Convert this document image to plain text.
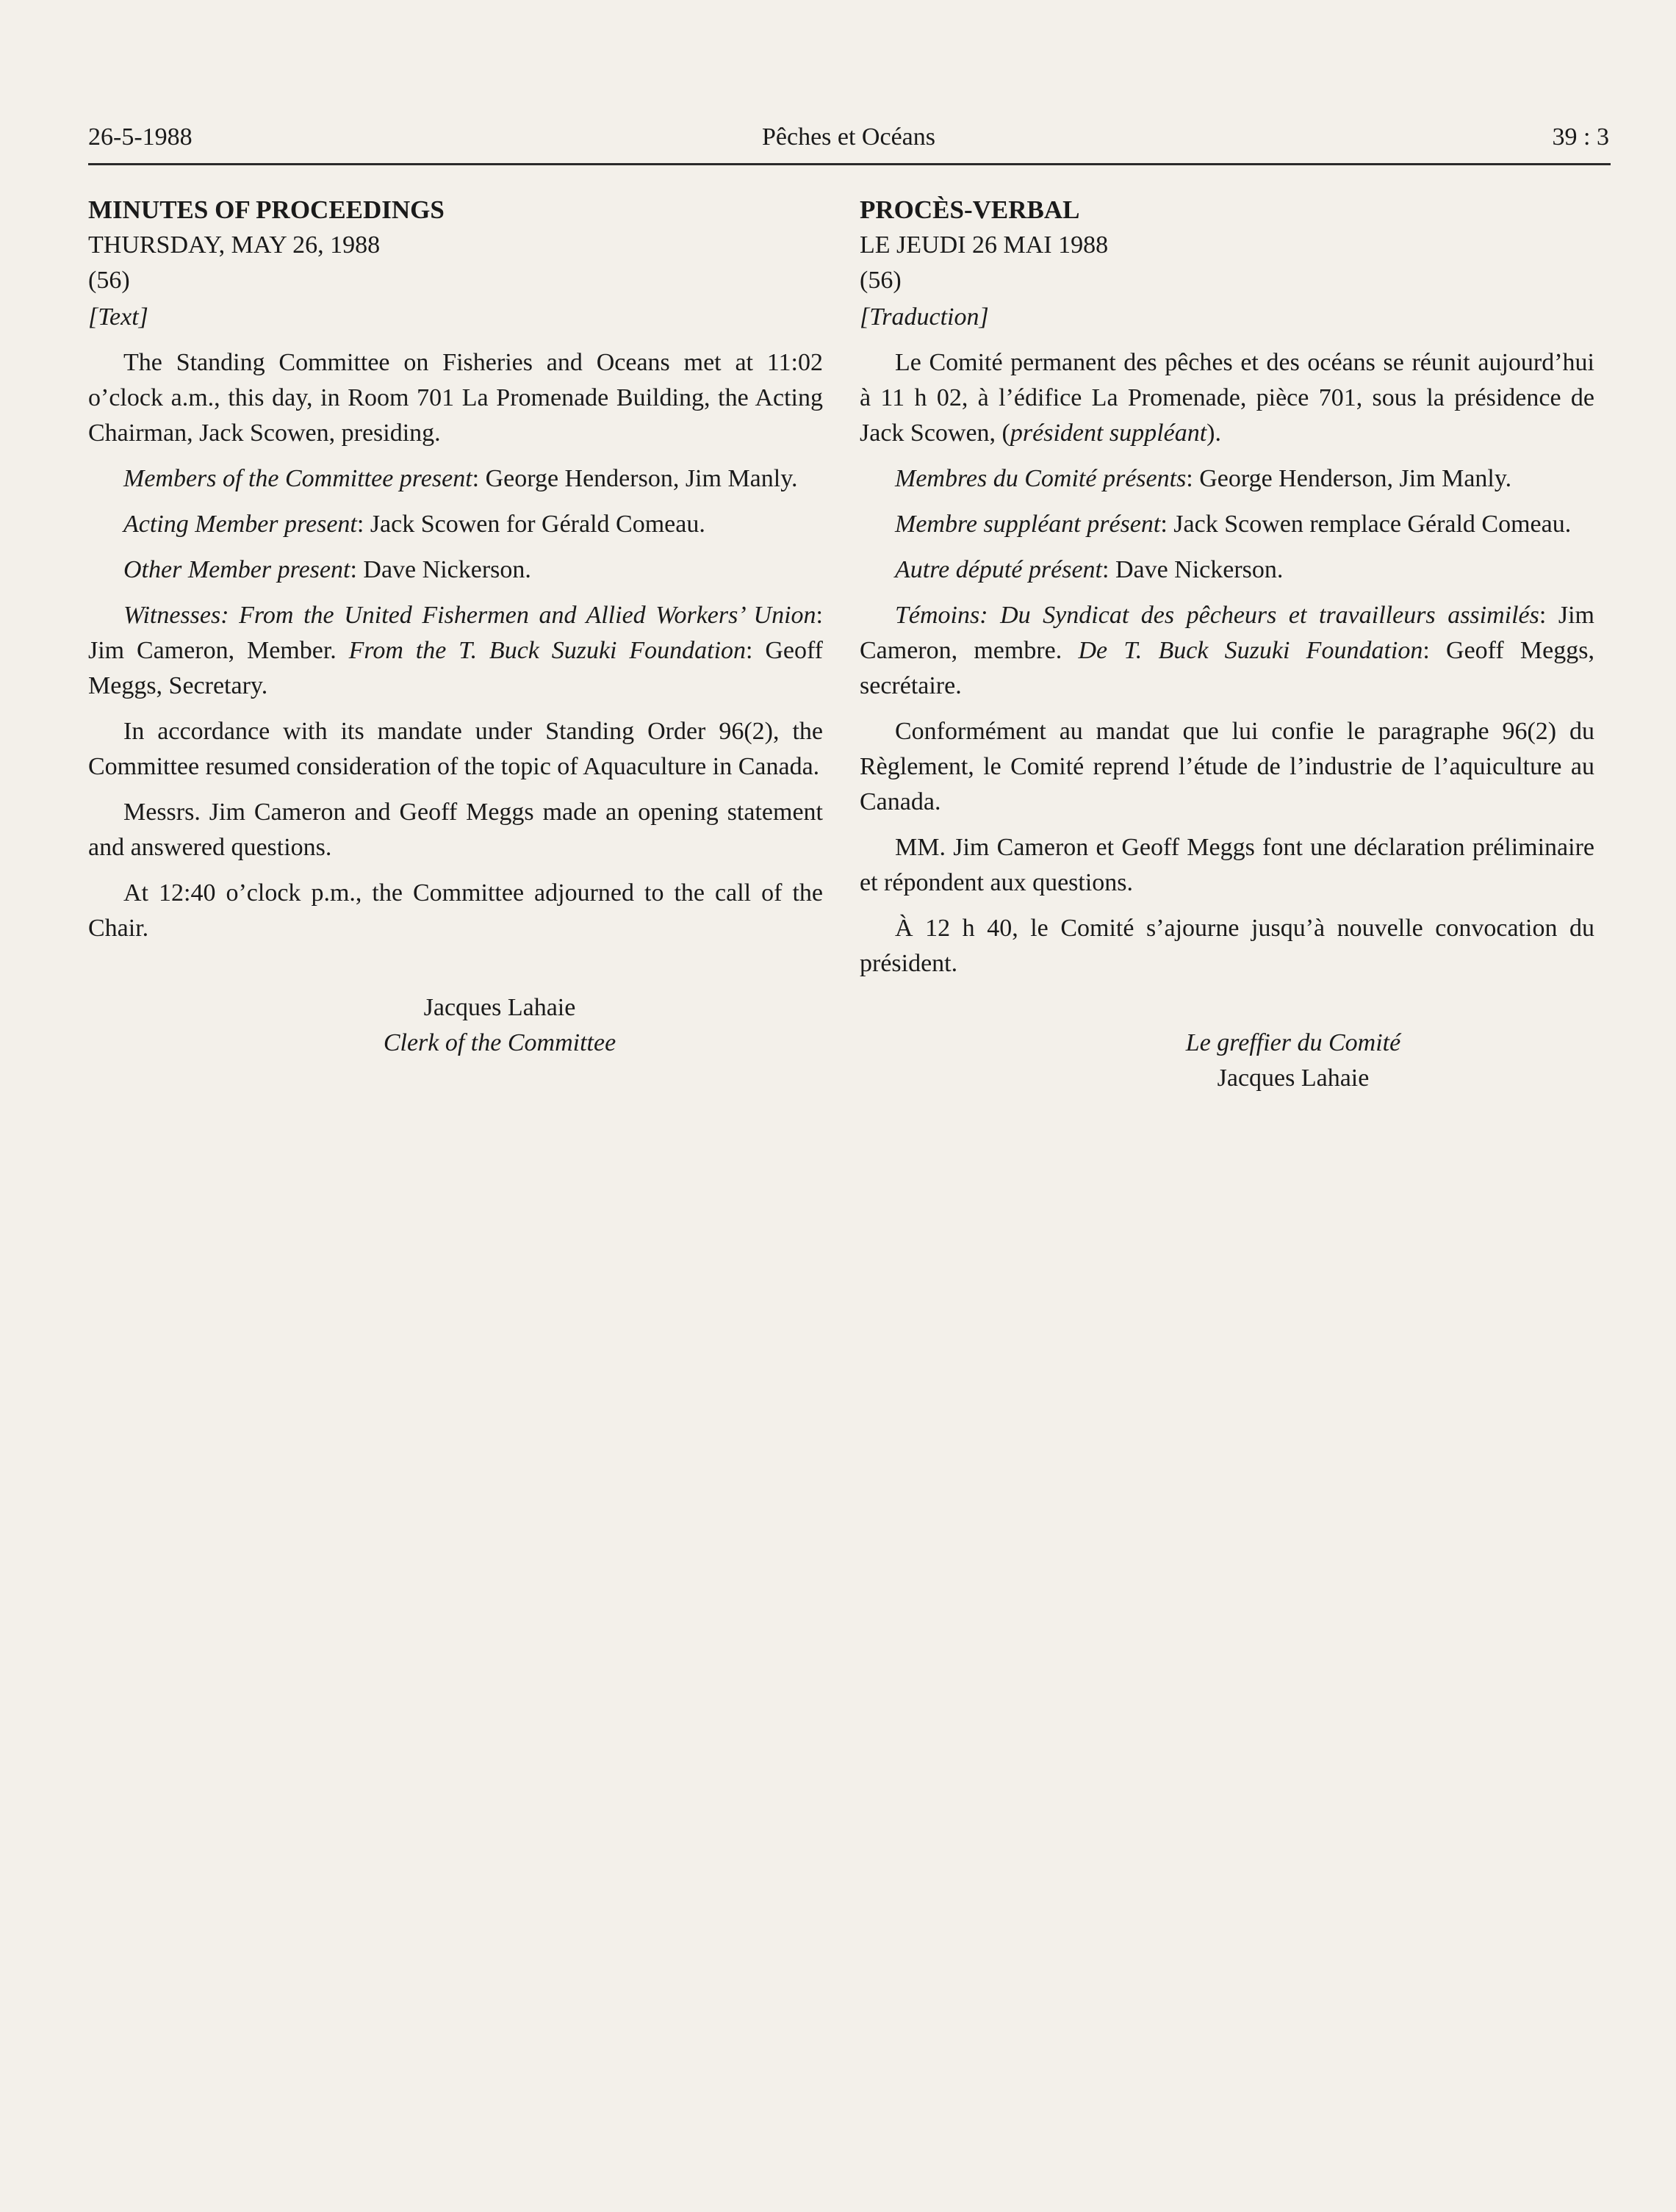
26-5-1988	Pêches et Océans	39 : 3

MINUTES OF PROCEEDINGS

THURSDAY, MAY 26, 1988

(56)

[Text]

The Standing Committee on Fisheries and Oceans met at 11:02 o’clock a.m., this day, in Room 701 La Promenade Building, the Acting Chairman, Jack Scowen, presiding.

Members of the Committee present: George Henderson, Jim Manly.

Acting Member present: Jack Scowen for Gérald Comeau.

Other Member present: Dave Nickerson.

Witnesses: From the United Fishermen and Allied Workers’ Union: Jim Cameron, Member. From the T. Buck Suzuki Foundation: Geoff Meggs, Secretary.

In accordance with its mandate under Standing Order 96(2), the Committee resumed consideration of the topic of Aquaculture in Canada.

Messrs. Jim Cameron and Geoff Meggs made an opening statement and answered questions.

At 12:40 o’clock p.m., the Committee adjourned to the call of the Chair.

Jacques Lahaie

Clerk of the Committee

PROCÈS-VERBAL

LE JEUDI 26 MAI 1988

(56)

[Traduction]

Le Comité permanent des pêches et des océans se réunit aujourd’hui à 11 h 02, à l’édifice La Promenade, pièce 701, sous la présidence de Jack Scowen, (président suppléant).

Membres du Comité présents: George Henderson, Jim Manly.

Membre suppléant présent: Jack Scowen remplace Gérald Comeau.

Autre député présent: Dave Nickerson.

Témoins: Du Syndicat des pêcheurs et travailleurs assimilés: Jim Cameron, membre. De T. Buck Suzuki Foundation: Geoff Meggs, secrétaire.

Conformément au mandat que lui confie le paragraphe 96(2) du Règlement, le Comité reprend l’étude de l’industrie de l’aquiculture au Canada.

MM. Jim Cameron et Geoff Meggs font une déclaration préliminaire et répondent aux questions.

À 12 h 40, le Comité s’ajourne jusqu’à nouvelle convocation du président.

Le greffier du Comité

Jacques Lahaie
